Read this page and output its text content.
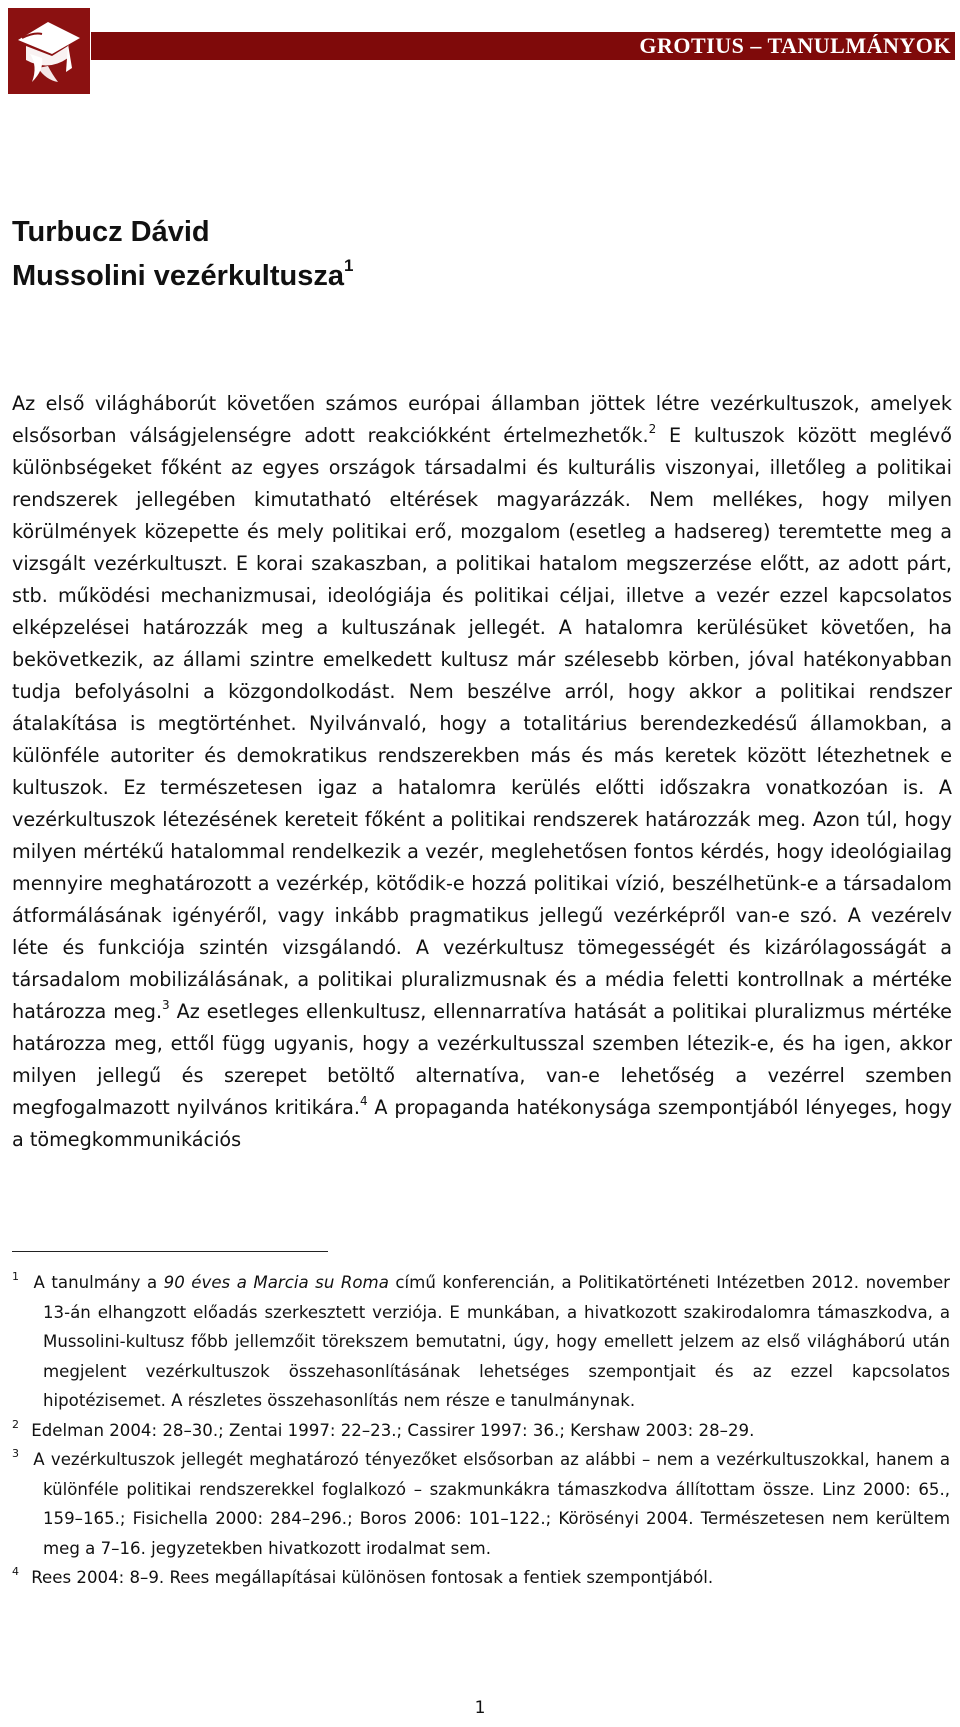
GROTIUS – TANULMÁNYOK
Turbucz Dávid
Mussolini vezérkultusza$^1$

Az első világháborút követően számos európai államban jöttek létre vezérkultuszok, amelyek elsősorban válságjelenségre adott reakciókként értelmezhetők.$^2$ E kultuszok között meglévő különbségeket főként az egyes országok társadalmi és kulturális viszonyai, illetőleg a politikai rendszerek jellegében kimutatható eltérések magyarázzák. Nem mellékes, hogy milyen körülmények közepette és mely politikai erő, mozgalom (esetleg a hadsereg) teremtette meg a vizsgált vezérkultuszt. E korai szakaszban, a politikai hatalom megszerzése előtt, az adott párt, stb. működési mechanizmusai, ideológiája és politikai céljai, illetve a vezér ezzel kapcsolatos elképzelései határozzák meg a kultuszának jellegét. A hatalomra kerülésüket követően, ha bekövetkezik, az állami szintre emelkedett kultusz már szélesebb körben, jóval hatékonyabban tudja befolyásolni a közgondolkodást. Nem beszélve arról, hogy akkor a politikai rendszer átalakítása is megtörténhet. Nyilvánvaló, hogy a totalitárius berendezkedésű államokban, a különféle autoriter és demokratikus rendszerekben más és más keretek között létezhetnek e kultuszok. Ez természetesen igaz a hatalomra kerülés előtti időszakra vonatkozóan is. A vezérkultuszok létezésének kereteit főként a politikai rendszerek határozzák meg. Azon túl, hogy milyen mértékű hatalommal rendelkezik a vezér, meglehetősen fontos kérdés, hogy ideológiailag mennyire meghatározott a vezérkép, kötődik-e hozzá politikai vízió, beszélhetünk-e a társadalom átformálásának igényéről, vagy inkább pragmatikus jellegű vezérképről van-e szó. A vezérelv léte és funkciója szintén vizsgálandó. A vezérkultusz tömegességét és kizárólagosságát a társadalom mobilizálásának, a politikai pluralizmusnak és a média feletti kontrollnak a mértéke határozza meg.$^3$ Az esetleges ellenkultusz, ellennarratíva hatását a politikai pluralizmus mértéke határozza meg, ettől függ ugyanis, hogy a vezérkultusszal szemben létezik-e, és ha igen, akkor milyen jellegű és szerepet betöltő alternatíva, van-e lehetőség a vezérrel szemben megfogalmazott nyilvános kritikára.$^4$ A propaganda hatékonysága szempontjából lényeges, hogy a tömegkommunikációs

1 A tanulmány a 90 éves a Marcia su Roma című konferencián, a Politikatörténeti Intézetben 2012. november 13-án elhangzott előadás szerkesztett verziója. E munkában, a hivatkozott szakirodalomra támaszkodva, a Mussolini-kultusz főbb jellemzőit törekszem bemutatni, úgy, hogy emellett jelzem az első világháború után megjelent vezérkultuszok összehasonlításának lehetséges szempontjait és az ezzel kapcsolatos hipotézisemet. A részletes összehasonlítás nem része e tanulmánynak.

2 Edelman 2004: 28–30.; Zentai 1997: 22–23.; Cassirer 1997: 36.; Kershaw 2003: 28–29.

3 A vezérkultuszok jellegét meghatározó tényezőket elsősorban az alábbi – nem a vezérkultuszokkal, hanem a különféle politikai rendszerekkel foglalkozó – szakmunkákra támaszkodva állítottam össze. Linz 2000: 65., 159–165.; Fisichella 2000: 284–296.; Boros 2006: 101–122.; Körösényi 2004. Természetesen nem kerültem meg a 7–16. jegyzetekben hivatkozott irodalmat sem.

4 Rees 2004: 8–9. Rees megállapításai különösen fontosak a fentiek szempontjából.

1
